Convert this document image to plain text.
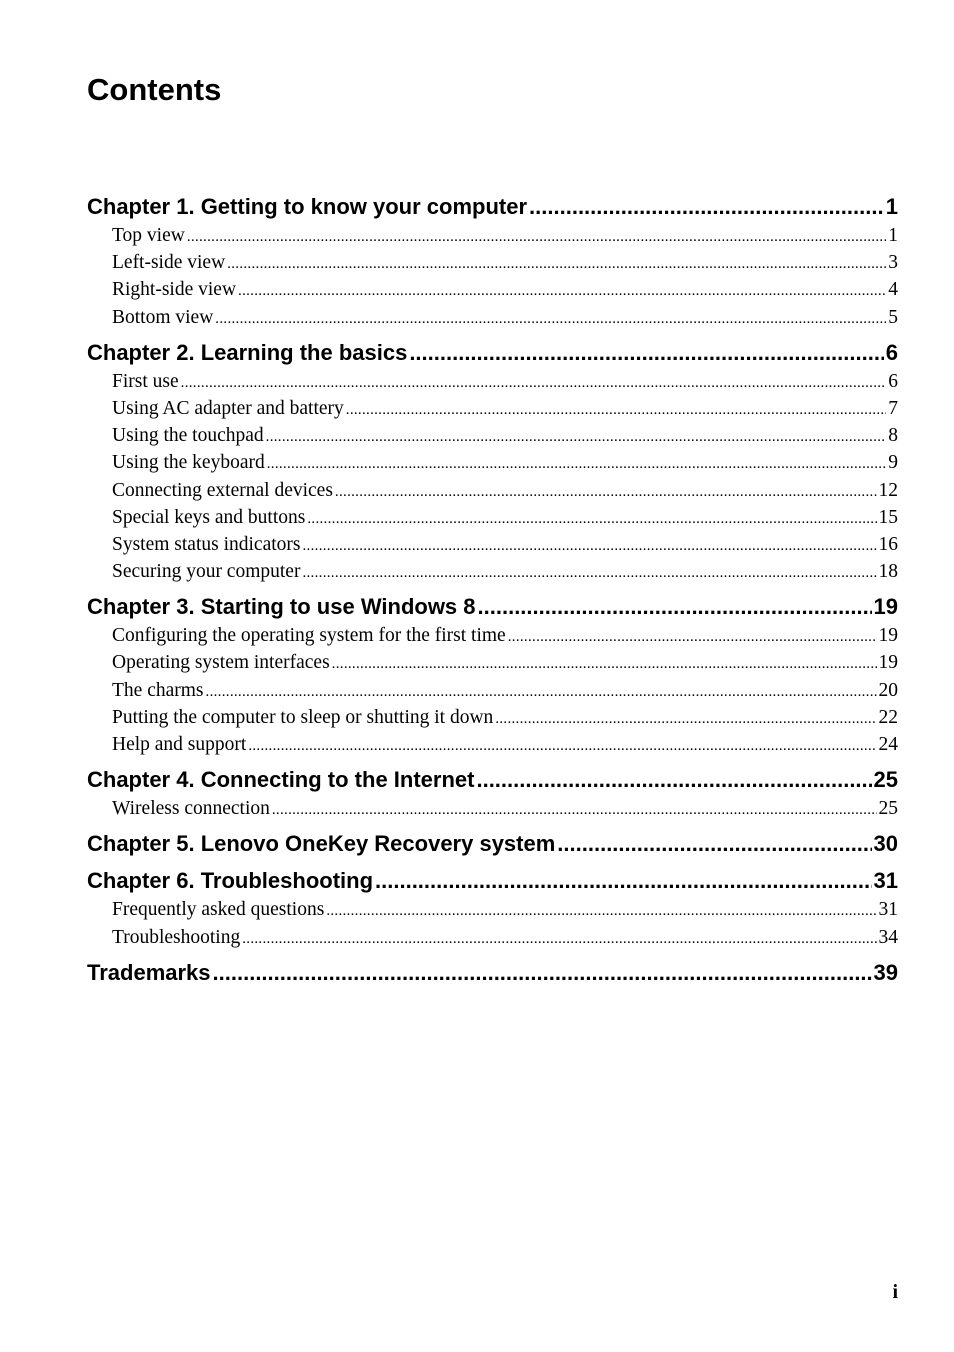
Contents
Chapter 1. Getting to know your computer .....	1
Top view .....	1
Left-side view .....	3
Right-side view .....	4
Bottom view .....	5
Chapter 2. Learning the basics .....	6
First use .....	6
Using AC adapter and battery .....	7
Using the touchpad .....	8
Using the keyboard .....	9
Connecting external devices .....	12
Special keys and buttons .....	15
System status indicators .....	16
Securing your computer .....	18
Chapter 3. Starting to use Windows 8 .....	19
Configuring the operating system for the first time .....	19
Operating system interfaces .....	19
The charms .....	20
Putting the computer to sleep or shutting it down .....	22
Help and support .....	24
Chapter 4. Connecting to the Internet .....	25
Wireless connection .....	25
Chapter 5. Lenovo OneKey Recovery system .....	30
Chapter 6. Troubleshooting .....	31
Frequently asked questions .....	31
Troubleshooting .....	34
Trademarks .....	39
i
